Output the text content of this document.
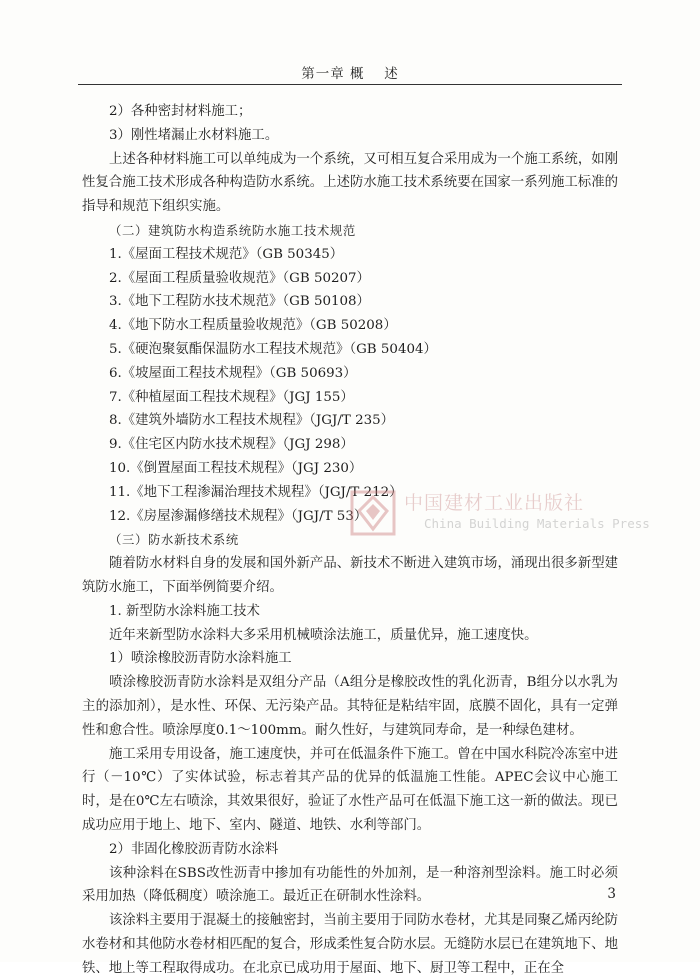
第一章 概　 述

2）各种密封材料施工；

3）刚性堵漏止水材料施工。

上述各种材料施工可以单纯成为一个系统，又可相互复合采用成为一个施工系统，如刚性复合施工技术形成各种构造防水系统。上述防水施工技术系统要在国家一系列施工标准的指导和规范下组织实施。

（二）建筑防水构造系统防水施工技术规范

1.《屋面工程技术规范》（GB 50345）

2.《屋面工程质量验收规范》（GB 50207）

3.《地下工程防水技术规范》（GB 50108）

4.《地下防水工程质量验收规范》（GB 50208）

5.《硬泡聚氨酯保温防水工程技术规范》（GB 50404）

6.《坡屋面工程技术规程》（GB 50693）

7.《种植屋面工程技术规程》（JGJ 155）

8.《建筑外墙防水工程技术规程》（JGJ/T 235）

9.《住宅区内防水技术规程》（JGJ 298）

10.《倒置屋面工程技术规程》（JGJ 230）

11.《地下工程渗漏治理技术规程》（JGJ/T 212）

12.《房屋渗漏修缮技术规程》（JGJ/T 53）

（三）防水新技术系统

随着防水材料自身的发展和国外新产品、新技术不断进入建筑市场，涌现出很多新型建筑防水施工，下面举例简要介绍。

1. 新型防水涂料施工技术

近年来新型防水涂料大多采用机械喷涂法施工，质量优异，施工速度快。

1）喷涂橡胶沥青防水涂料施工

喷涂橡胶沥青防水涂料是双组分产品（A组分是橡胶改性的乳化沥青，B组分以水乳为主的添加剂），是水性、环保、无污染产品。其特征是粘结牢固，底膜不固化，具有一定弹性和愈合性。喷涂厚度0.1～100mm。耐久性好，与建筑同寿命，是一种绿色建材。

施工采用专用设备，施工速度快，并可在低温条件下施工。曾在中国水科院冷冻室中进行（－10℃）了实体试验，标志着其产品的优异的低温施工性能。APEC会议中心施工时，是在0℃左右喷涂，其效果很好，验证了水性产品可在低温下施工这一新的做法。现已成功应用于地上、地下、室内、隧道、地铁、水利等部门。

2）非固化橡胶沥青防水涂料

该种涂料在SBS改性沥青中掺加有功能性的外加剂，是一种溶剂型涂料。施工时必须采用加热（降低稠度）喷涂施工。最近正在研制水性涂料。

该涂料主要用于混凝土的接触密封，当前主要用于同防水卷材，尤其是同聚乙烯丙纶防水卷材和其他防水卷材相匹配的复合，形成柔性复合防水层。无缝防水层已在建筑地下、地铁、地上等工程取得成功。在北京已成功用于屋面、地下、厨卫等工程中，正在全

中国建材工业出版社
China Building Materials Press
3
